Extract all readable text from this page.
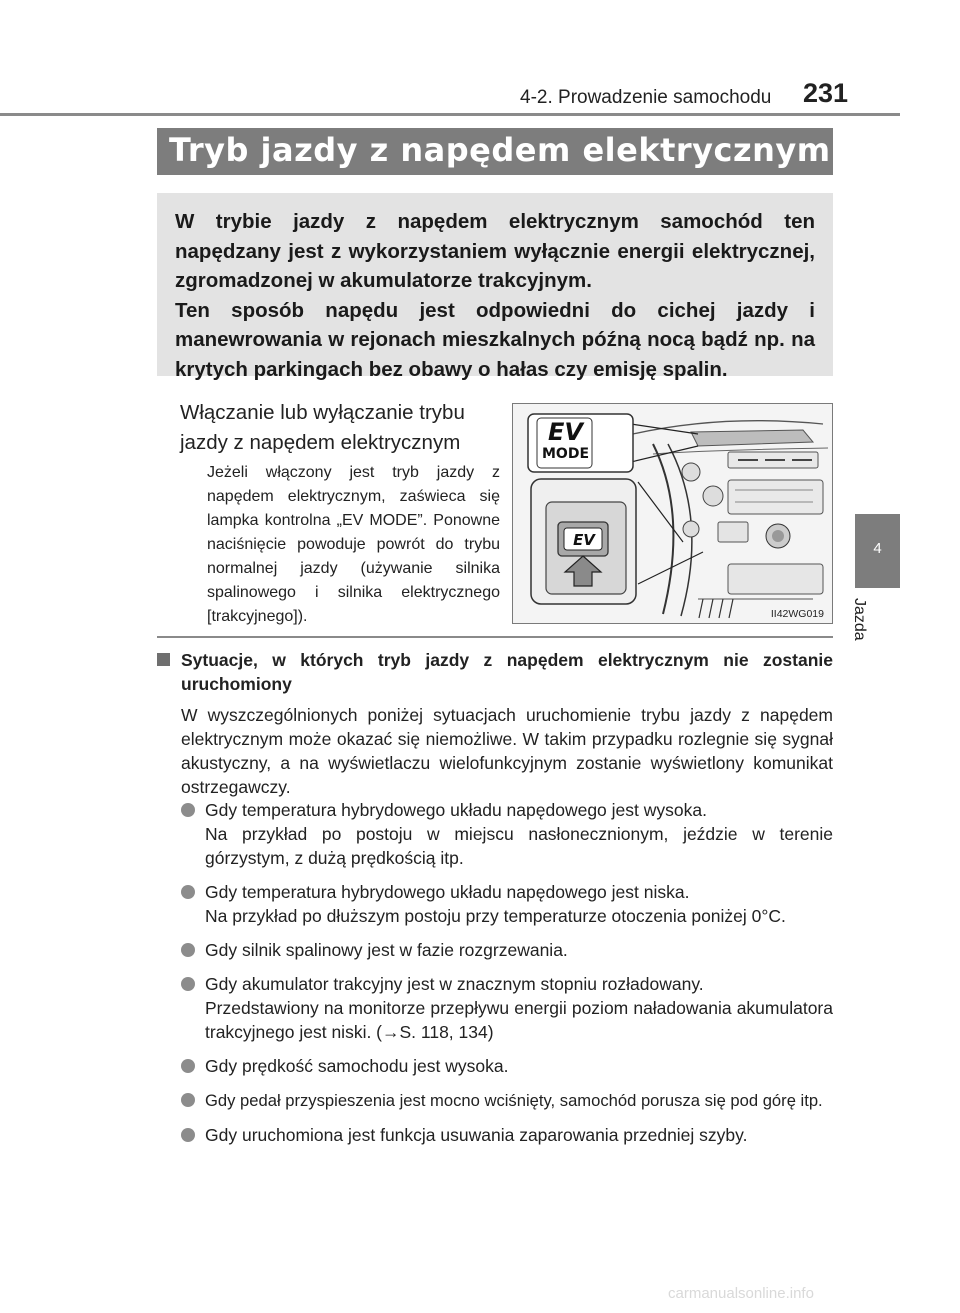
4-2. Prowadzenie samochodu 231
Tryb jazdy z napędem elektrycznym

W trybie jazdy z napędem elektrycznym samochód ten napędzany jest z wykorzystaniem wyłącznie energii elektrycznej, zgromadzonej w akumulatorze trakcyjnym.

Ten sposób napędu jest odpowiedni do cichej jazdy i manewrowania w rejonach mieszkalnych późną nocą bądź np. na krytych parkingach bez obawy o hałas czy emisję spalin.

Włączanie lub wyłączanie trybu jazdy z napędem elektrycznym
Jeżeli włączony jest tryb jazdy z napędem elektrycznym, zaświeca się lampka kontrolna „EV MODE”. Ponowne naciśnięcie powoduje powrót do trybu normalnej jazdy (używanie silnika spalinowego i silnika elektrycznego [trakcyjnego]).
EV
MODE
EV
II42WG019

Sytuacje, w których tryb jazdy z napędem elektrycznym nie zostanie uruchomiony

W wyszczególnionych poniżej sytuacjach uruchomienie trybu jazdy z napędem elektrycznym może okazać się niemożliwe. W takim przypadku rozlegnie się sygnał akustyczny, a na wyświetlaczu wielofunkcyjnym zostanie wyświetlony komunikat ostrzegawczy.
Gdy temperatura hybrydowego układu napędowego jest wysoka.
Na przykład po postoju w miejscu nasłonecznionym, jeździe w terenie górzystym, z dużą prędkością itp.
Gdy temperatura hybrydowego układu napędowego jest niska.
Na przykład po dłuższym postoju przy temperaturze otoczenia poniżej 0°C.
Gdy silnik spalinowy jest w fazie rozgrzewania.
Gdy akumulator trakcyjny jest w znacznym stopniu rozładowany.
Przedstawiony na monitorze przepływu energii poziom naładowania akumulatora trakcyjnego jest niski. (→S. 118, 134)
Gdy prędkość samochodu jest wysoka.
Gdy pedał przyspieszenia jest mocno wciśnięty, samochód porusza się pod górę itp.
Gdy uruchomiona jest funkcja usuwania zaparowania przedniej szyby.
4
Jazda
carmanualsonline.info
